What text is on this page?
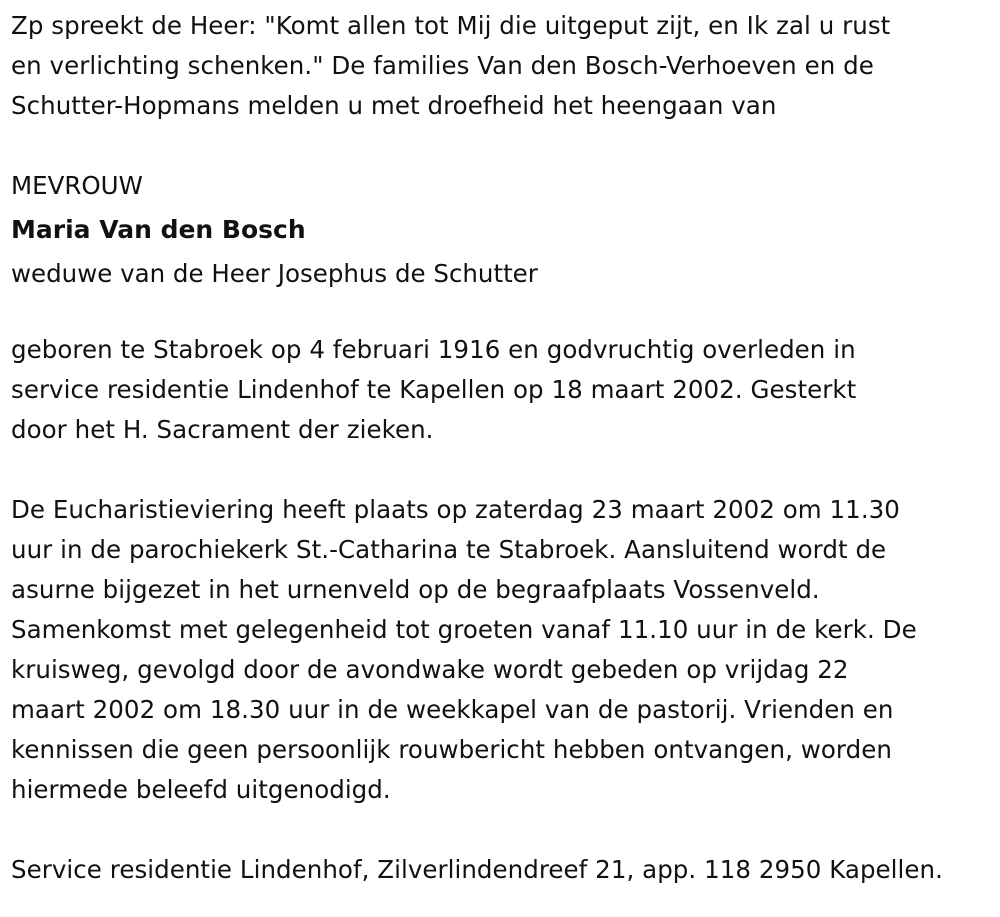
Zp spreekt de Heer: "Komt allen tot Mij die uitgeput zijt, en Ik zal u rust
en verlichting schenken." De families Van den Bosch-Verhoeven en de
Schutter-Hopmans melden u met droefheid het heengaan van
MEVROUW
Maria Van den Bosch
weduwe van de Heer Josephus de Schutter
geboren te Stabroek op 4 februari 1916 en godvruchtig overleden in
service residentie Lindenhof te Kapellen op 18 maart 2002. Gesterkt
door het H. Sacrament der zieken.
De Eucharistieviering heeft plaats op zaterdag 23 maart 2002 om 11.30
uur in de parochiekerk St.-Catharina te Stabroek. Aansluitend wordt de
asurne bijgezet in het urnenveld op de begraafplaats Vossenveld.
Samenkomst met gelegenheid tot groeten vanaf 11.10 uur in de kerk. De
kruisweg, gevolgd door de avondwake wordt gebeden op vrijdag 22
maart 2002 om 18.30 uur in de weekkapel van de pastorij. Vrienden en
kennissen die geen persoonlijk rouwbericht hebben ontvangen, worden
hiermede beleefd uitgenodigd.
Service residentie Lindenhof, Zilverlindendreef 21, app. 118 2950 Kapellen.
